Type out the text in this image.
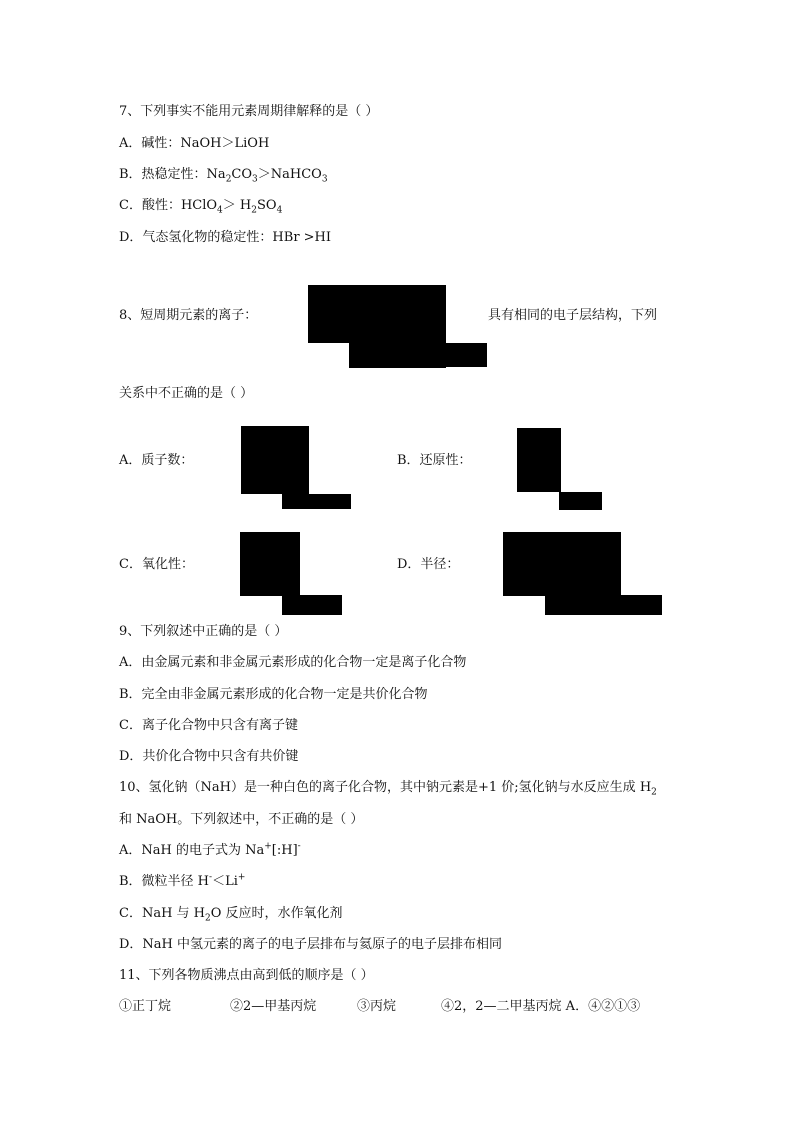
7、下列事实不能用元素周期律解释的是（ ）
A．碱性：NaOH＞LiOH
B．热稳定性：$Na_2CO_3>NaHCO_3$
C．酸性：HClO$_4$＞ $H_2SO_4$
D．气态氢化物的稳定性：HBr >HI
8、短周期元素的离子：	具有相同的电子层结构，下列
关系中不正确的是（ ）
A．质子数：	B．还原性：
C．氧化性：	D．半径：
9、下列叙述中正确的是（ ）
A．由金属元素和非金属元素形成的化合物一定是离子化合物
B．完全由非金属元素形成的化合物一定是共价化合物
C．离子化合物中只含有离子键
D．共价化合物中只含有共价键
10、氢化钠（NaH）是一种白色的离子化合物，其中钠元素是+1 价;氢化钠与水反应生成 $H_2$
和 NaOH。下列叙述中，不正确的是（ ）
A．NaH 的电子式为 Na+[:H]-
B．微粒半径 H-＜Li+
C．NaH 与 $H_2O$ 反应时，水作氧化剂
D．NaH 中氢元素的离子的电子层排布与氦原子的电子层排布相同
11、下列各物质沸点由高到低的顺序是（ ）
①正丁烷	②2—甲基丙烷	③丙烷	④2，2—二甲基丙烷 A．④②①③
